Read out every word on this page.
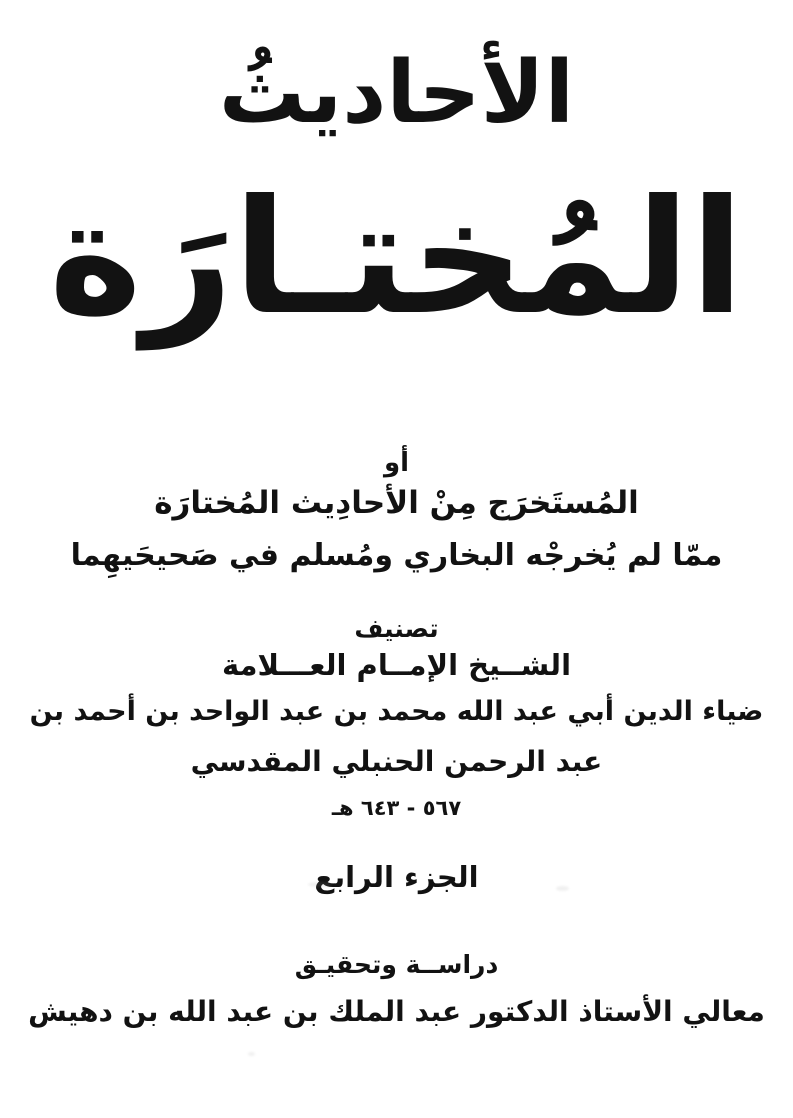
الأحاديثُ
المُختـارَة
أو
المُستَخرَج مِنْ الأحادِيث المُختارَة
ممّا لم يُخرجْه البخاري ومُسلم في صَحيحَيهِما
تصنيف
الشــيخ الإمــام العـــلامة
ضياء الدين أبي عبد الله محمد بن عبد الواحد بن أحمد بن
عبد الرحمن الحنبلي المقدسي
٥٦٧ - ٦٤٣ هـ
الجزء الرابع
دراســة وتحقيـق
معالي الأستاذ الدكتور عبد الملك بن عبد الله بن دهيش
